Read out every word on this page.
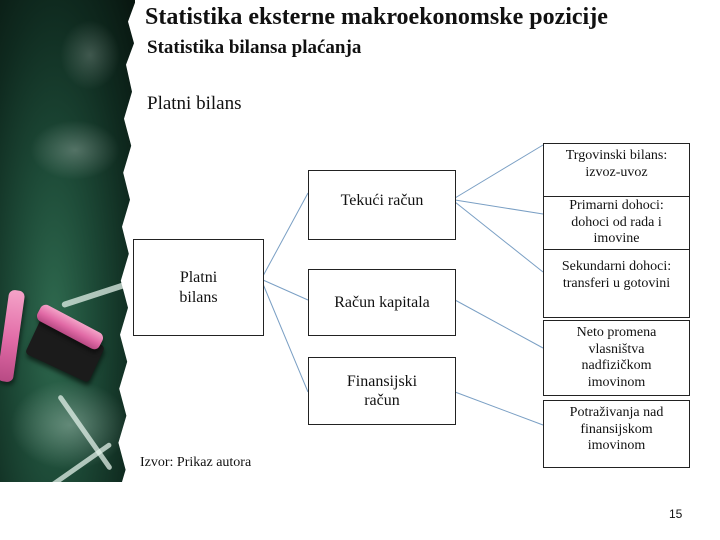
Statistika eksterne makroekonomske pozicije
Statistika bilansa plaćanja
Platni bilans
Platni
bilans
Tekući račun
Račun kapitala
Finansijski
račun
Trgovinski bilans:
izvoz-uvoz
Primarni dohoci:
dohoci od rada i
imovine
Sekundarni dohoci:
transferi u gotovini
Neto promena
vlasništva
nadfizičkom
imovinom
Potraživanja nad
finansijskom
imovinom
Izvor: Prikaz autora
15
